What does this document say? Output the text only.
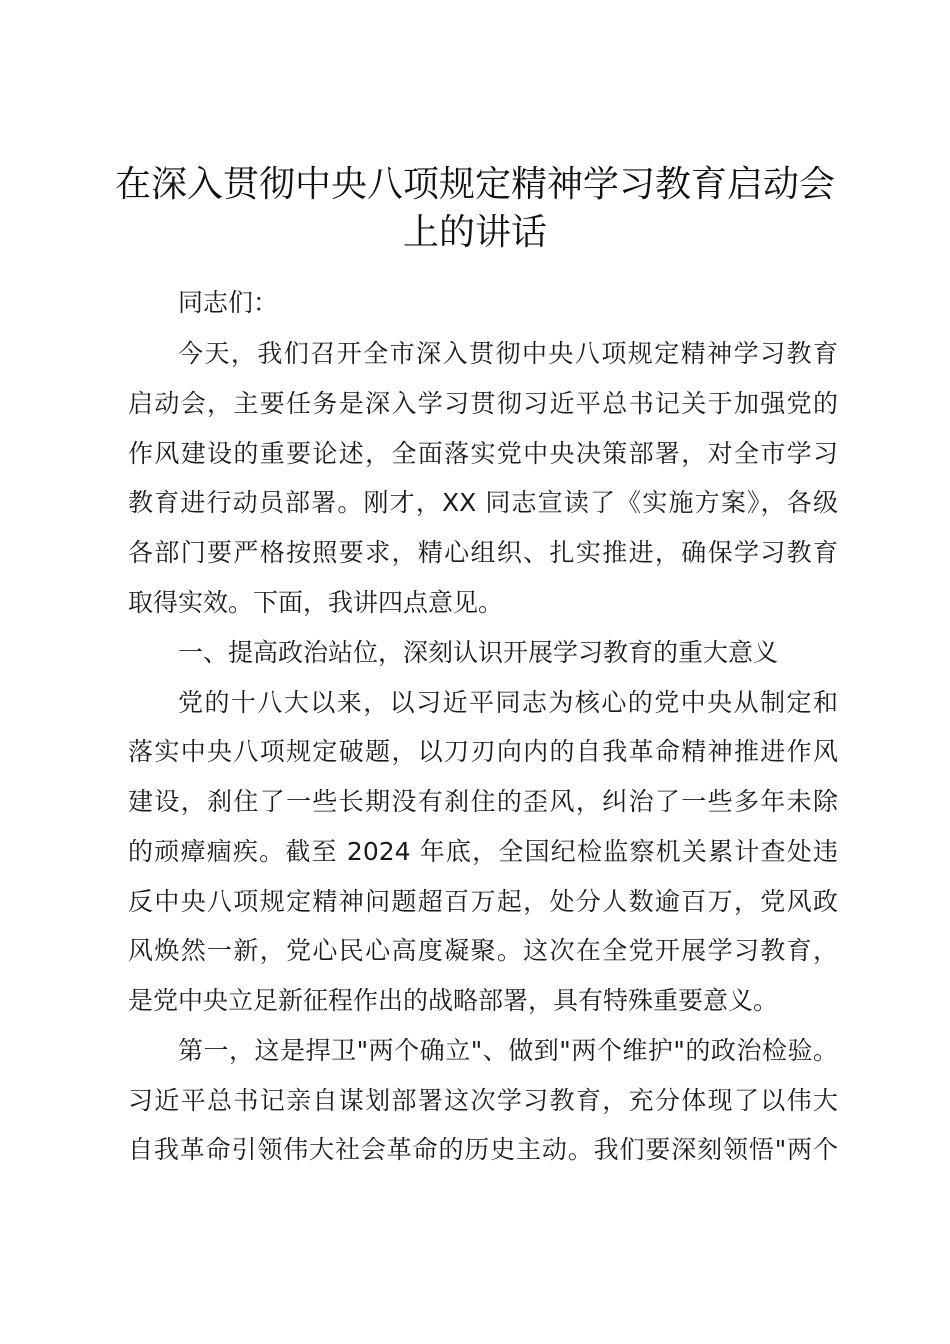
在深入贯彻中央八项规定精神学习教育启动会
上的讲话
同志们：
今天，我们召开全市深入贯彻中央八项规定精神学习教育
启动会，主要任务是深入学习贯彻习近平总书记关于加强党的
作风建设的重要论述，全面落实党中央决策部署，对全市学习
教育进行动员部署。刚才，XX 同志宣读了《实施方案》，各级
各部门要严格按照要求，精心组织、扎实推进，确保学习教育
取得实效。下面，我讲四点意见。
一、提高政治站位，深刻认识开展学习教育的重大意义
党的十八大以来，以习近平同志为核心的党中央从制定和
落实中央八项规定破题，以刀刃向内的自我革命精神推进作风
建设，刹住了一些长期没有刹住的歪风，纠治了一些多年未除
的顽瘴痼疾。截至 2024 年底，全国纪检监察机关累计查处违
反中央八项规定精神问题超百万起，处分人数逾百万，党风政
风焕然一新，党心民心高度凝聚。这次在全党开展学习教育，
是党中央立足新征程作出的战略部署，具有特殊重要意义。
第一，这是捍卫"两个确立"、做到"两个维护"的政治检验。
习近平总书记亲自谋划部署这次学习教育，充分体现了以伟大
自我革命引领伟大社会革命的历史主动。我们要深刻领悟"两个
